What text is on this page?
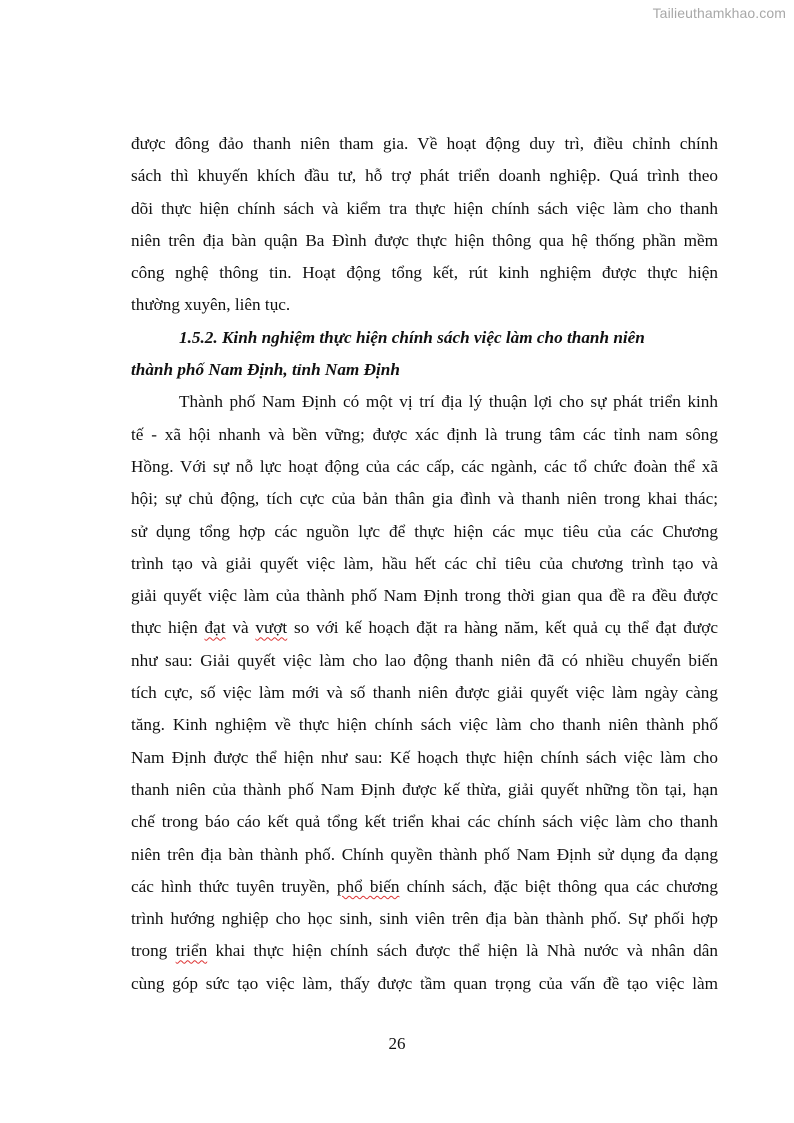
Tailieuthamkhao.com

được đông đảo thanh niên tham gia. Về hoạt động duy trì, điều chỉnh chính
sách thì khuyến khích đầu tư, hỗ trợ phát triển doanh nghiệp. Quá trình theo
dõi thực hiện chính sách và kiểm tra thực hiện chính sách việc làm cho thanh
niên trên địa bàn quận Ba Đình được thực hiện thông qua hệ thống phần mềm
công nghệ thông tin. Hoạt động tổng kết, rút kinh nghiệm được thực hiện
thường xuyên, liên tục.

1.5.2. Kinh nghiệm thực hiện chính sách việc làm cho thanh niên
thành phố Nam Định, tỉnh Nam Định

Thành phố Nam Định có một vị trí địa lý thuận lợi cho sự phát triển kinh
tế - xã hội nhanh và bền vững; được xác định là trung tâm các tỉnh nam sông
Hồng. Với sự nỗ lực hoạt động của các cấp, các ngành, các tổ chức đoàn thể xã
hội; sự chủ động, tích cực của bản thân gia đình và thanh niên trong khai thác;
sử dụng tổng hợp các nguồn lực để thực hiện các mục tiêu của các Chương
trình tạo và giải quyết việc làm, hầu hết các chỉ tiêu của chương trình tạo và
giải quyết việc làm của thành phố Nam Định trong thời gian qua đề ra đều được
thực hiện đạt và vượt so với kế hoạch đặt ra hàng năm, kết quả cụ thể đạt được
như sau: Giải quyết việc làm cho lao động thanh niên đã có nhiều chuyển biến
tích cực, số việc làm mới và số thanh niên được giải quyết việc làm ngày càng
tăng. Kinh nghiệm về thực hiện chính sách việc làm cho thanh niên thành phố
Nam Định được thể hiện như sau: Kế hoạch thực hiện chính sách việc làm cho
thanh niên của thành phố Nam Định được kế thừa, giải quyết những tồn tại, hạn
chế trong báo cáo kết quả tổng kết triển khai các chính sách việc làm cho thanh
niên trên địa bàn thành phố. Chính quyền thành phố Nam Định sử dụng đa dạng
các hình thức tuyên truyền, phổ biến chính sách, đặc biệt thông qua các chương
trình hướng nghiệp cho học sinh, sinh viên trên địa bàn thành phố. Sự phối hợp
trong triển khai thực hiện chính sách được thể hiện là Nhà nước và nhân dân
cùng góp sức tạo việc làm, thấy được tầm quan trọng của vấn đề tạo việc làm

26
